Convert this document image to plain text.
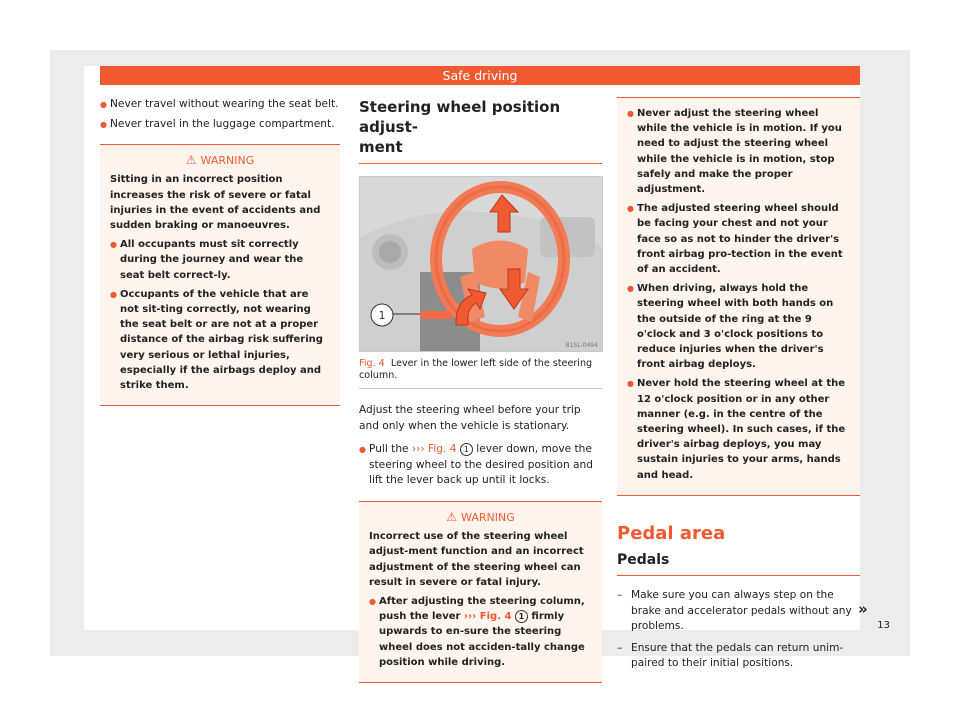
Safe driving
● Never travel without wearing the seat belt.
● Never travel in the luggage compartment.
⚠ WARNING
Sitting in an incorrect position increases the risk of severe or fatal injuries in the event of accidents and sudden braking or manoeuvres.
● All occupants must sit correctly during the journey and wear the seat belt correct-ly.
● Occupants of the vehicle that are not sit-ting correctly, not wearing the seat belt or are not at a proper distance of the airbag risk suffering very serious or lethal injuries, especially if the airbags deploy and strike them.
Steering wheel position adjust-
ment
1
B1SL-0494
Fig. 4 Lever in the lower left side of the steering column.
Adjust the steering wheel before your trip and only when the vehicle is stationary.
● Pull the ››› Fig. 4 1 lever down, move the steering wheel to the desired position and lift the lever back up until it locks.
⚠ WARNING
Incorrect use of the steering wheel adjust-ment function and an incorrect adjustment of the steering wheel can result in severe or fatal injury.
● After adjusting the steering column, push the lever ››› Fig. 4 1 firmly upwards to en-sure the steering wheel does not acciden-tally change position while driving.
● Never adjust the steering wheel while the vehicle is in motion. If you need to adjust the steering wheel while the vehicle is in motion, stop safely and make the proper adjustment.
● The adjusted steering wheel should be facing your chest and not your face so as not to hinder the driver's front airbag pro-tection in the event of an accident.
● When driving, always hold the steering wheel with both hands on the outside of the ring at the 9 o'clock and 3 o'clock positions to reduce injuries when the driver's front airbag deploys.
● Never hold the steering wheel at the 12 o'clock position or in any other manner (e.g. in the centre of the steering wheel). In such cases, if the driver's airbag deploys, you may sustain injuries to your arms, hands and head.
Pedal area
Pedals
– Make sure you can always step on the brake and accelerator pedals without any problems.
– Ensure that the pedals can return unim-paired to their initial positions.
»
13
